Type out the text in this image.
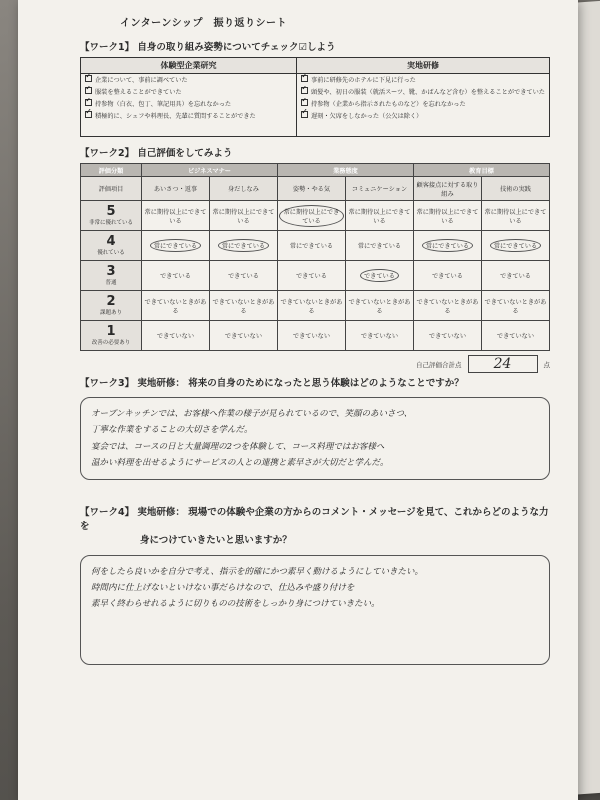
インターンシップ　振り返りシート
【ワーク1】 自身の取り組み姿勢についてチェック☑しよう
体験型企業研究
✓
企業について、事前に調べていた
✓
服装を整えることができていた
✓
持参物（白衣、包丁、筆記用具）を忘れなかった
✓
積極的に、シェフや料理長、先輩に質問することができた
実地研修
✓
事前に研修先のホテルに下見に行った
✓
頭髪や、初日の服装（就活スーツ、靴、かばんなど含む）を整えることができていた
✓
持参物（企業から指示されたものなど）を忘れなかった
✓
遅刻・欠席をしなかった（公欠は除く）
【ワーク2】 自己評価をしてみよう
評価分類	ビジネスマナー		業務態度		教育目標	
評価項目	あいさつ・返事	身だしなみ	姿勢・やる気	コミュニケーション	顧客接点に対する取り組み	技術の実践

5
非常に優れている	常に期待以上にできている	常に期待以上にできている	常に期待以上にできている	常に期待以上にできている	常に期待以上にできている	常に期待以上にできている

4
優れている	常にできている	常にできている	常にできている	常にできている	常にできている	常にできている

3
普通	できている	できている	できている	できている	できている	できている

2
課題あり	できていないときがある	できていないときがある	できていないときがある	できていないときがある	できていないときがある	できていないときがある

1
改善の必要あり	できていない	できていない	できていない	できていない	できていない	できていない
自己評価合計点 24	点
【ワーク3】 実地研修： 将来の自身のためになったと思う体験はどのようなことですか？

オープンキッチンでは、お客様へ作業の様子が見られているので、笑顔のあいさつ、

丁寧な作業をすることの大切さを学んだ。

宴会では、コースの日と大量調理の2つを体験して、コース料理ではお客様へ

温かい料理を出せるようにサービスの人との連携と素早さが大切だと学んだ。

【ワーク4】 実地研修： 現場での体験や企業の方からのコメント・メッセージを見て、これからどのような力を
身につけていきたいと思いますか？

何をしたら良いかを自分で考え、指示を的確にかつ素早く動けるようにしていきたい。

時間内に仕上げないといけない事だらけなので、仕込みや盛り付けを

素早く終わらせれるように切りものの技術をしっかり身につけていきたい。
